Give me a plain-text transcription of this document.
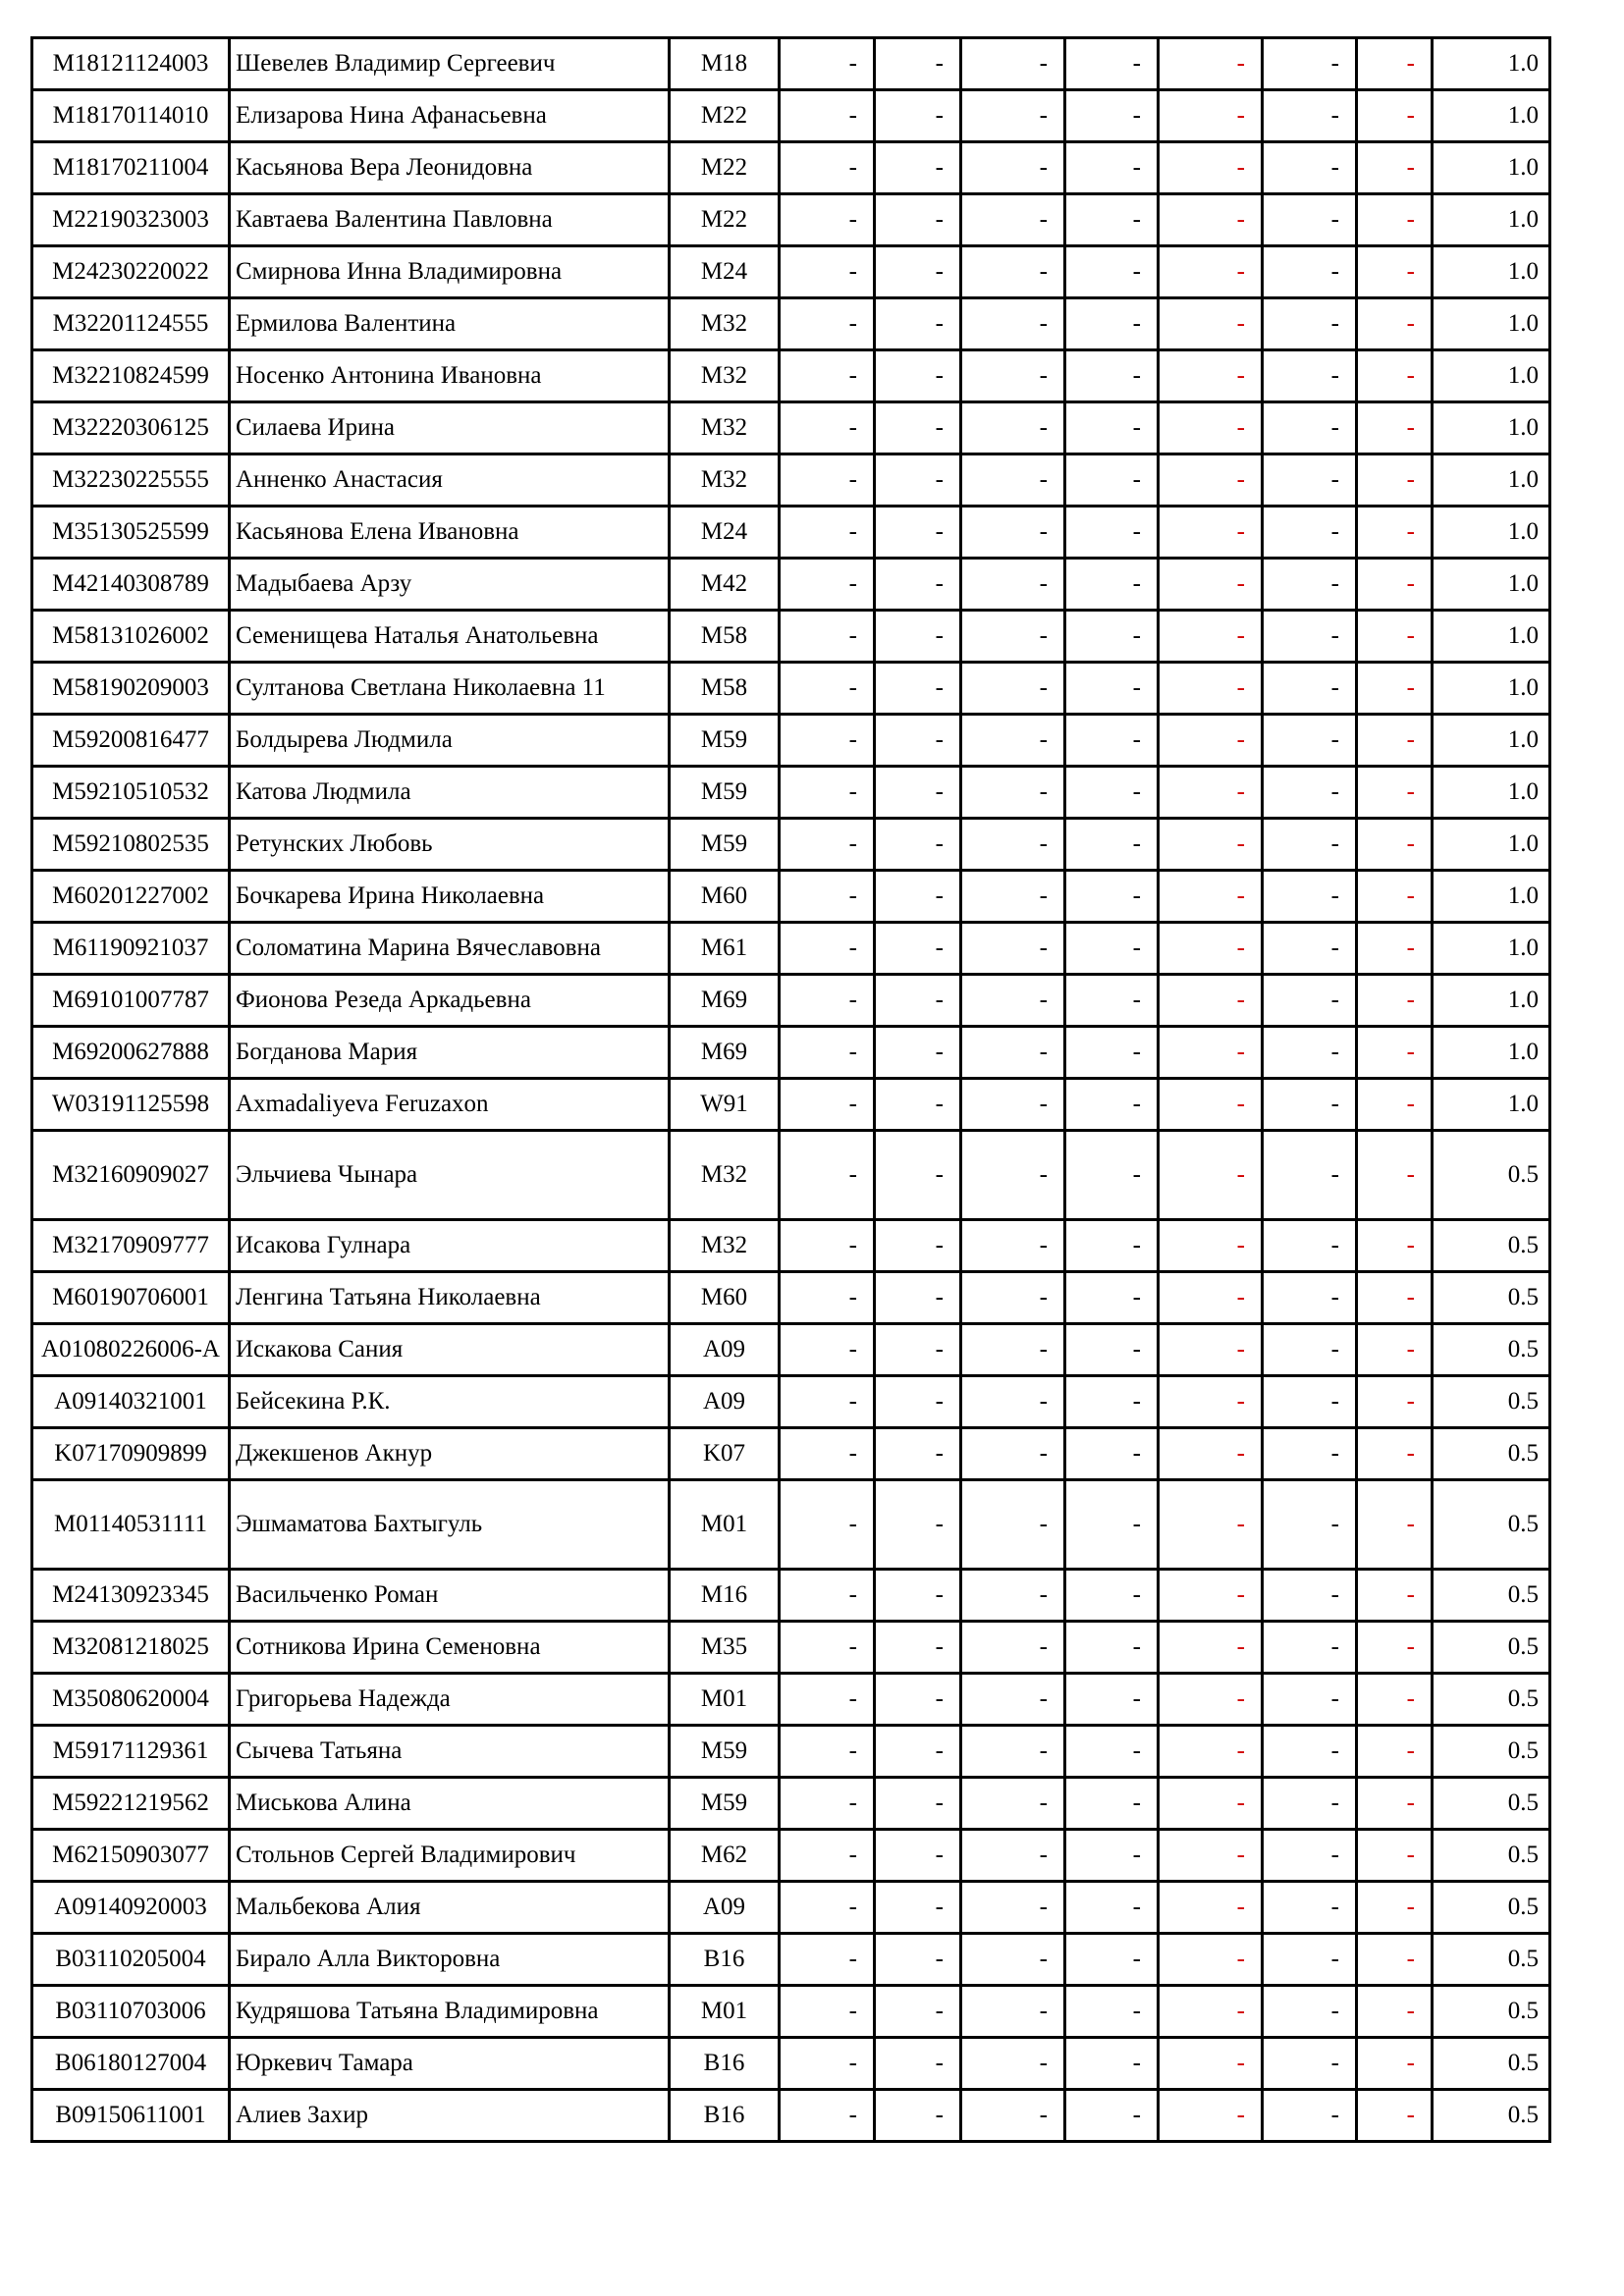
M18121124003	Шевелев Владимир Сергеевич	M18	-	-	-	-	-	-	-	1.0
M18170114010	Елизарова Нина Афанасьевна	M22	-	-	-	-	-	-	-	1.0
M18170211004	Касьянова Вера Леонидовна	M22	-	-	-	-	-	-	-	1.0
M22190323003	Кавтаева Валентина Павловна	M22	-	-	-	-	-	-	-	1.0
M24230220022	Смирнова Инна Владимировна	M24	-	-	-	-	-	-	-	1.0
M32201124555	Ермилова Валентина	M32	-	-	-	-	-	-	-	1.0
M32210824599	Носенко Антонина Ивановна	M32	-	-	-	-	-	-	-	1.0
M32220306125	Силаева Ирина	M32	-	-	-	-	-	-	-	1.0
M32230225555	Анненко Анастасия	M32	-	-	-	-	-	-	-	1.0
M35130525599	Касьянова Елена Ивановна	M24	-	-	-	-	-	-	-	1.0
M42140308789	Мадыбаева Арзу	M42	-	-	-	-	-	-	-	1.0
M58131026002	Семенищева Наталья Анатольевна	M58	-	-	-	-	-	-	-	1.0
M58190209003	Султанова Светлана Николаевна 11	M58	-	-	-	-	-	-	-	1.0
M59200816477	Болдырева Людмила	M59	-	-	-	-	-	-	-	1.0
M59210510532	Катова Людмила	M59	-	-	-	-	-	-	-	1.0
M59210802535	Ретунских Любовь	M59	-	-	-	-	-	-	-	1.0
M60201227002	Бочкарева Ирина Николаевна	M60	-	-	-	-	-	-	-	1.0
M61190921037	Соломатина Марина Вячеславовна	M61	-	-	-	-	-	-	-	1.0
M69101007787	Фионова Резеда Аркадьевна	M69	-	-	-	-	-	-	-	1.0
M69200627888	Богданова Мария	M69	-	-	-	-	-	-	-	1.0
W03191125598	Axmadaliyeva Feruzaxon	W91	-	-	-	-	-	-	-	1.0
M32160909027	Эльчиева Чынара	M32	-	-	-	-	-	-	-	0.5
M32170909777	Исакова Гулнара	M32	-	-	-	-	-	-	-	0.5
M60190706001	Ленгина Татьяна Николаевна	M60	-	-	-	-	-	-	-	0.5
A01080226006-A	Искакова Сания	A09	-	-	-	-	-	-	-	0.5
A09140321001	Бейсекина Р.К.	A09	-	-	-	-	-	-	-	0.5
K07170909899	Джекшенов Акнур	K07	-	-	-	-	-	-	-	0.5
M01140531111	Эшмаматова Бахтыгуль	M01	-	-	-	-	-	-	-	0.5
M24130923345	Васильченко Роман	M16	-	-	-	-	-	-	-	0.5
M32081218025	Сотникова Ирина Семеновна	M35	-	-	-	-	-	-	-	0.5
M35080620004	Григорьева Надежда	M01	-	-	-	-	-	-	-	0.5
M59171129361	Сычева Татьяна	M59	-	-	-	-	-	-	-	0.5
M59221219562	Миськова Алина	M59	-	-	-	-	-	-	-	0.5
M62150903077	Стольнов Сергей Владимирович	M62	-	-	-	-	-	-	-	0.5
A09140920003	Мальбекова Алия	A09	-	-	-	-	-	-	-	0.5
B03110205004	Бирало Алла Викторовна	B16	-	-	-	-	-	-	-	0.5
B03110703006	Кудряшова Татьяна Владимировна	M01	-	-	-	-	-	-	-	0.5
B06180127004	Юркевич Тамара	B16	-	-	-	-	-	-	-	0.5
B09150611001	Алиев Захир	B16	-	-	-	-	-	-	-	0.5
